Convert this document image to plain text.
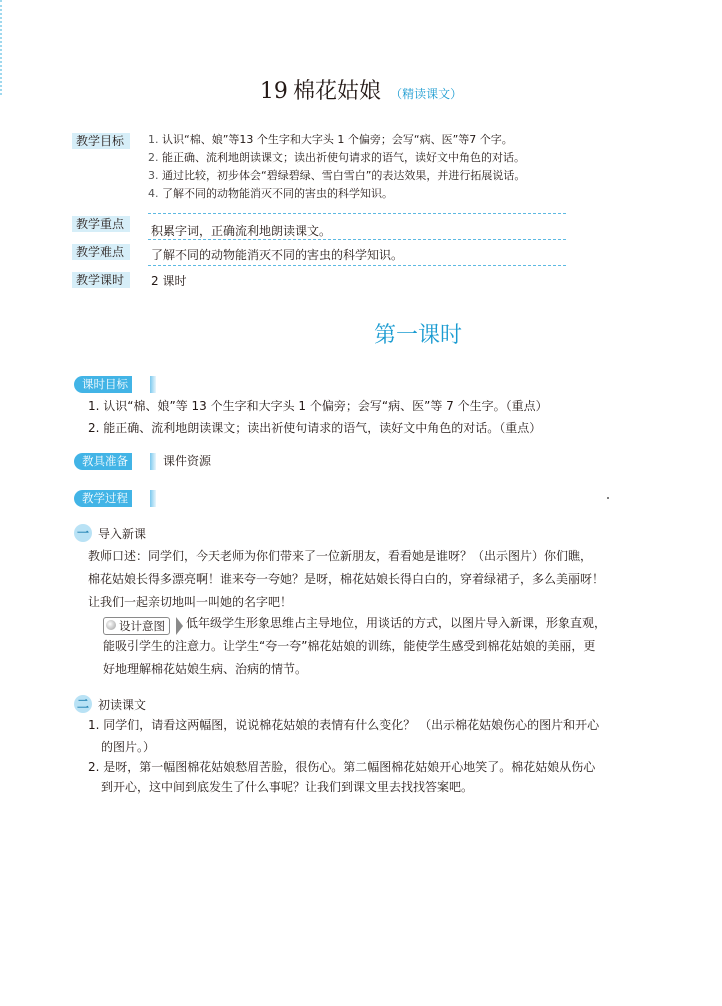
19 棉花姑娘 （精读课文）
教学目标	1. 认识“棉、娘”等13 个生字和大字头 1 个偏旁；会写“病、医”等7 个字。
2. 能正确、流利地朗读课文；读出祈使句请求的语气，读好文中角色的对话。
3. 通过比较，初步体会“碧绿碧绿、雪白雪白”的表达效果，并进行拓展说话。
4. 了解不同的动物能消灭不同的害虫的科学知识。
教学重点	积累字词，正确流利地朗读课文。
教学难点	了解不同的动物能消灭不同的害虫的科学知识。
教学课时	2 课时
第一课时
课时目标
1. 认识“棉、娘”等 13 个生字和大字头 1 个偏旁；会写“病、医”等 7 个生字。（重点）
2. 能正确、流利地朗读课文；读出祈使句请求的语气，读好文中角色的对话。（重点）
教具准备	课件资源
教学过程
一 导入新课
教师口述：同学们，今天老师为你们带来了一位新朋友，看看她是谁呀？（出示图片）你们瞧，
棉花姑娘长得多漂亮啊！谁来夸一夸她？是呀，棉花姑娘长得白白的，穿着绿裙子，多么美丽呀！
让我们一起亲切地叫一叫她的名字吧！
设计意图	低年级学生形象思维占主导地位，用谈话的方式，以图片导入新课，形象直观，
能吸引学生的注意力。让学生“夸一夸”棉花姑娘的训练，能使学生感受到棉花姑娘的美丽，更
好地理解棉花姑娘生病、治病的情节。
二 初读课文
1. 同学们，请看这两幅图，说说棉花姑娘的表情有什么变化？ （出示棉花姑娘伤心的图片和开心
的图片。）
2. 是呀，第一幅图棉花姑娘愁眉苦脸，很伤心。第二幅图棉花姑娘开心地笑了。棉花姑娘从伤心
到开心，这中间到底发生了什么事呢？让我们到课文里去找找答案吧。
